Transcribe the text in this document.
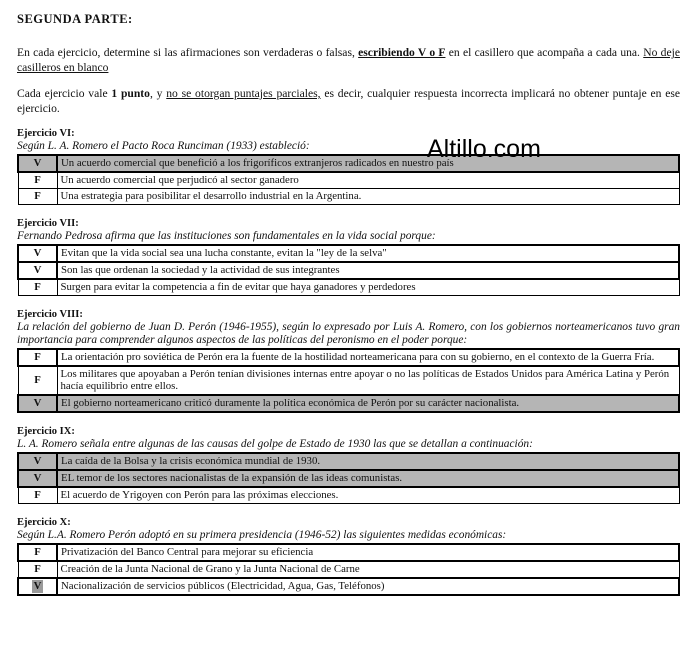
SEGUNDA PARTE:
En cada ejercicio, determine si las afirmaciones son verdaderas o falsas, escribiendo V o F en el casillero que acompaña a cada una. No deje casilleros en blanco
Cada ejercicio vale 1 punto, y no se otorgan puntajes parciales, es decir, cualquier respuesta incorrecta implicará no obtener puntaje en ese ejercicio.
Ejercicio VI:
Según L. A. Romero el Pacto Roca Runciman (1933) estableció:
V	Un acuerdo comercial que benefició a los frigoríficos extranjeros radicados en nuestro país
F	Un acuerdo comercial que perjudicó al sector ganadero
F	Una estrategia para posibilitar el desarrollo industrial en la Argentina.
Ejercicio VII:
Fernando Pedrosa afirma que las instituciones son fundamentales en la vida social porque:
V	Evitan que la vida social sea una lucha constante, evitan la "ley de la selva"
V	Son las que ordenan la sociedad y la actividad de sus integrantes
F	Surgen para evitar la competencia a fin de evitar que haya ganadores y perdedores
Ejercicio VIII:
La relación del gobierno de Juan D. Perón (1946-1955), según lo expresado por Luis A. Romero, con los gobiernos norteamericanos tuvo gran importancia para comprender algunos aspectos de las políticas del peronismo en el poder porque:
F	La orientación pro soviética de Perón era la fuente de la hostilidad norteamericana para con su gobierno, en el contexto de la Guerra Fría.
F	Los militares que apoyaban a Perón tenían divisiones internas entre apoyar o no las políticas de Estados Unidos para América Latina y Perón hacía equilibrio entre ellos.
V	El gobierno norteamericano criticó duramente la política económica de Perón por su carácter nacionalista.
Ejercicio IX:
L. A. Romero señala entre algunas de las causas del golpe de Estado de 1930 las que se detallan a continuación:
V	La caída de la Bolsa y la crisis económica mundial de 1930.
V	EL temor de los sectores nacionalistas de la expansión de las ideas comunistas.
F	El acuerdo de Yrigoyen con Perón para las próximas elecciones.
Ejercicio X:
Según L.A. Romero Perón adoptó en su primera presidencia (1946-52) las siguientes medidas económicas:
F	Privatización del Banco Central para mejorar su eficiencia
F	Creación de la Junta Nacional de Grano y la Junta Nacional de Carne
V	Nacionalización de servicios públicos (Electricidad, Agua, Gas, Teléfonos)
Altillo.com
